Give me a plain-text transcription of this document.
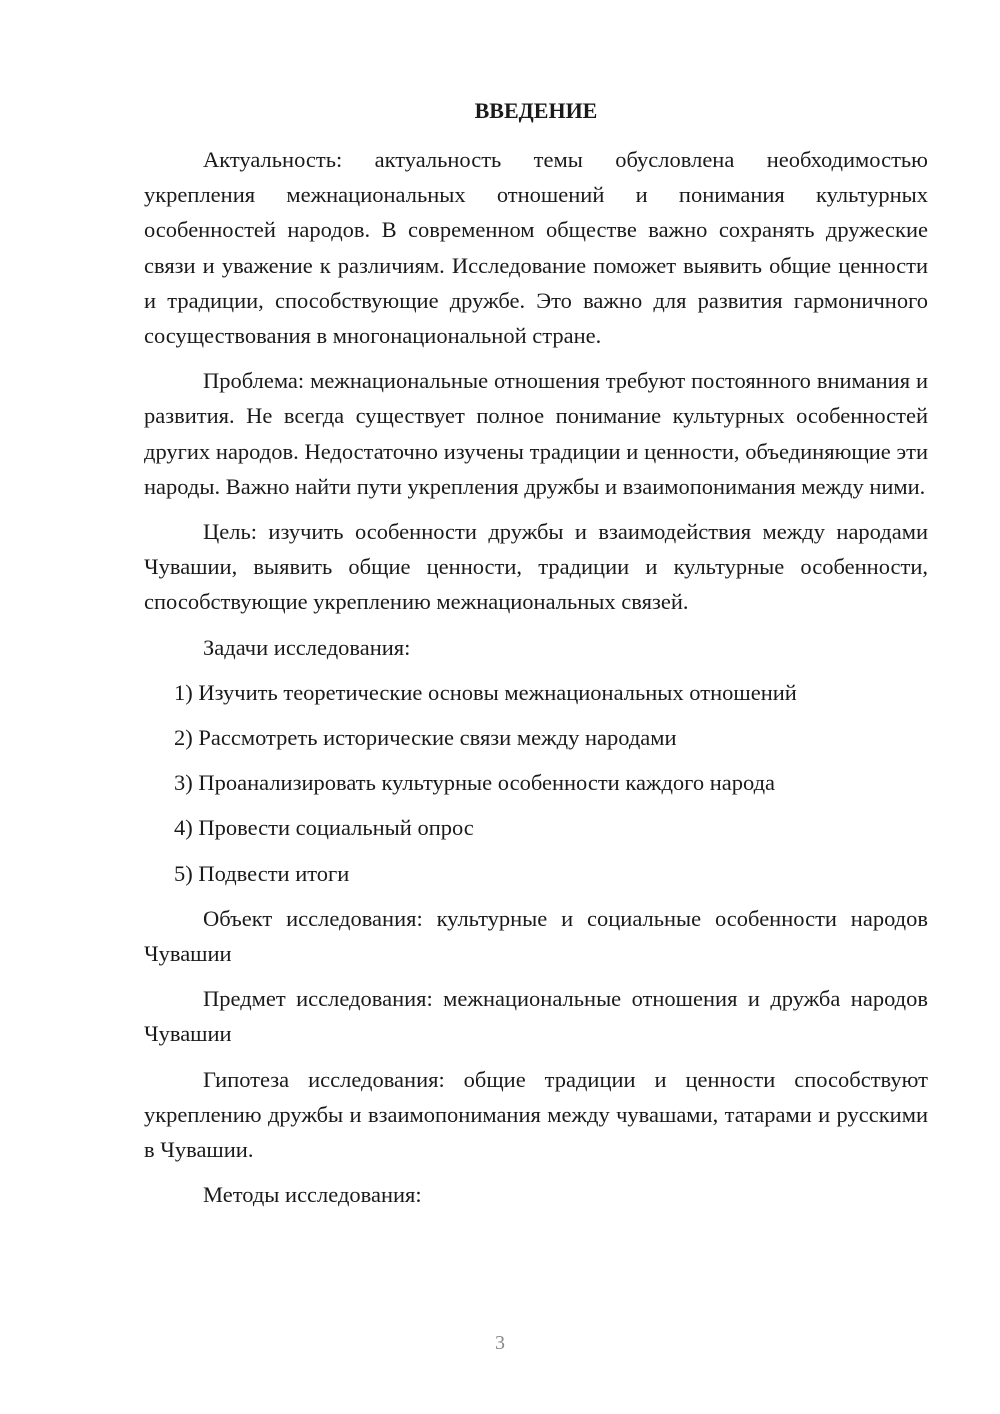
ВВЕДЕНИЕ

Актуальность: актуальность темы обусловлена необходимостью укрепления межнациональных отношений и понимания культурных особенностей народов. В современном обществе важно сохранять дружеские связи и уважение к различиям. Исследование поможет выявить общие ценности и традиции, способствующие дружбе. Это важно для развития гармоничного сосуществования в многонациональной стране.

Проблема: межнациональные отношения требуют постоянного внимания и развития. Не всегда существует полное понимание культурных особенностей других народов. Недостаточно изучены традиции и ценности, объединяющие эти народы. Важно найти пути укрепления дружбы и взаимопонимания между ними.

Цель: изучить особенности дружбы и взаимодействия между народами Чувашии, выявить общие ценности, традиции и культурные особенности, способствующие укреплению межнациональных связей.

Задачи исследования:

1) Изучить теоретические основы межнациональных отношений

2) Рассмотреть исторические связи между народами

3) Проанализировать культурные особенности каждого народа

4) Провести социальный опрос

5) Подвести итоги

Объект исследования: культурные и социальные особенности народов Чувашии

Предмет исследования: межнациональные отношения и дружба народов Чувашии

Гипотеза исследования: общие традиции и ценности способствуют укреплению дружбы и взаимопонимания между чувашами, татарами и русскими в Чувашии.

Методы исследования:

3
